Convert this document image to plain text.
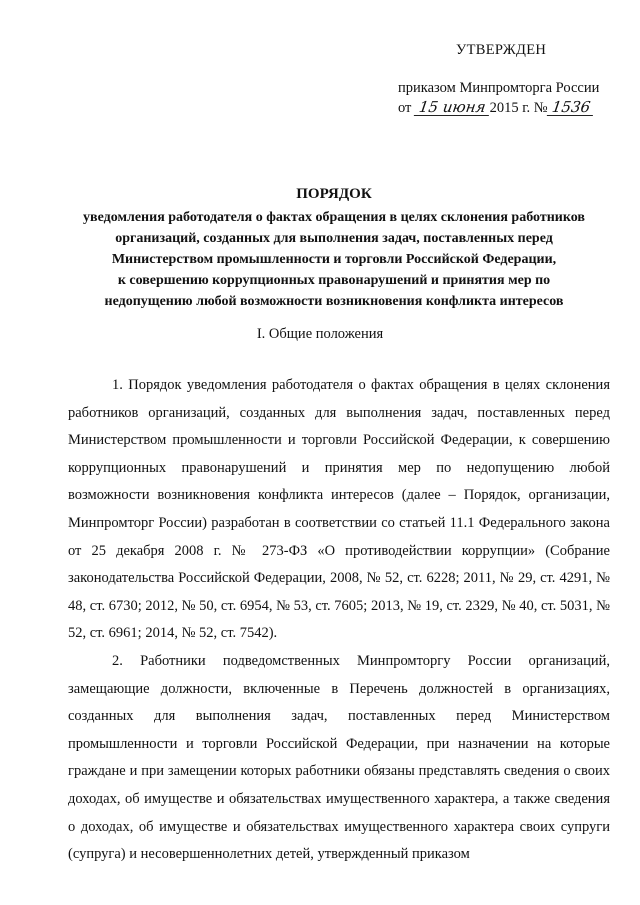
УТВЕРЖДЕН
приказом Минпромторга России
от 15 июня 2015 г. № 1536
ПОРЯДОК
уведомления работодателя о фактах обращения в целях склонения работников
организаций, созданных для выполнения задач, поставленных перед
Министерством промышленности и торговли Российской Федерации,
к совершению коррупционных правонарушений и принятия мер по
недопущению любой возможности возникновения конфликта интересов
I. Общие положения

1. Порядок уведомления работодателя о фактах обращения в целях склонения работников организаций, созданных для выполнения задач, поставленных перед Министерством промышленности и торговли Российской Федерации, к совершению коррупционных правонарушений и принятия мер по недопущению любой возможности возникновения конфликта интересов (далее – Порядок, организации, Минпромторг России) разработан в соответствии со статьей 11.1 Федерального закона от 25 декабря 2008 г. № 273-ФЗ «О противодействии коррупции» (Собрание законодательства Российской Федерации, 2008, № 52, ст. 6228; 2011, № 29, ст. 4291, № 48, ст. 6730; 2012, № 50, ст. 6954, № 53, ст. 7605; 2013, № 19, ст. 2329, № 40, ст. 5031, № 52, ст. 6961; 2014, № 52, ст. 7542).

2. Работники подведомственных Минпромторгу России организаций, замещающие должности, включенные в Перечень должностей в организациях, созданных для выполнения задач, поставленных перед Министерством промышленности и торговли Российской Федерации, при назначении на которые граждане и при замещении которых работники обязаны представлять сведения о своих доходах, об имуществе и обязательствах имущественного характера, а также сведения о доходах, об имуществе и обязательствах имущественного характера своих супруги (супруга) и несовершеннолетних детей, утвержденный приказом
